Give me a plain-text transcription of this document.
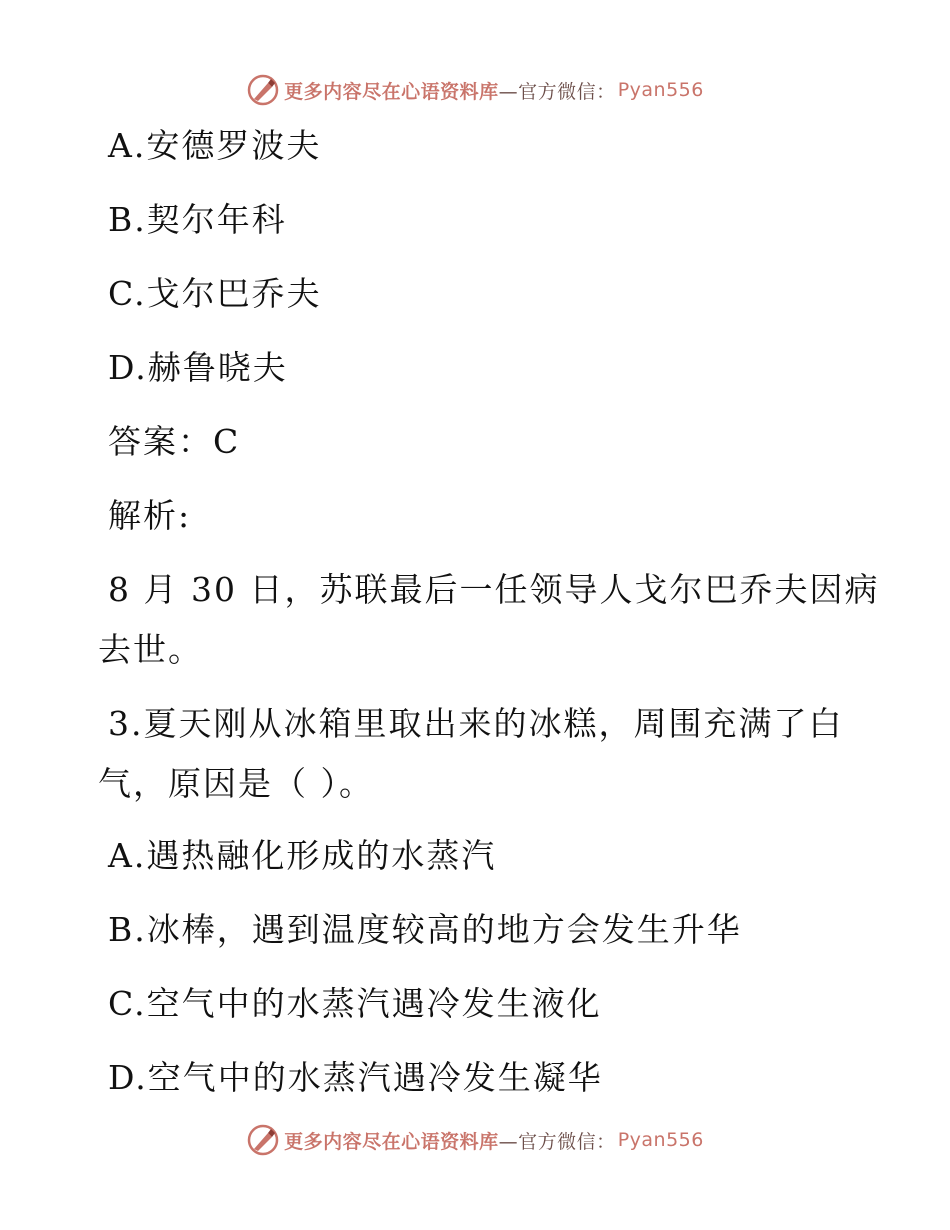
更多内容尽在心语资料库 —官方微信： Pyan556
A.安德罗波夫
B.契尔年科
C.戈尔巴乔夫
D.赫鲁晓夫
答案：C
解析:
8 月 30 日，苏联最后一任领导人戈尔巴乔夫因病
去世。
3.夏天刚从冰箱里取出来的冰糕，周围充满了白
气，原因是（ ）。
A.遇热融化形成的水蒸汽
B.冰棒，遇到温度较高的地方会发生升华
C.空气中的水蒸汽遇冷发生液化
D.空气中的水蒸汽遇冷发生凝华
更多内容尽在心语资料库 —官方微信： Pyan556
